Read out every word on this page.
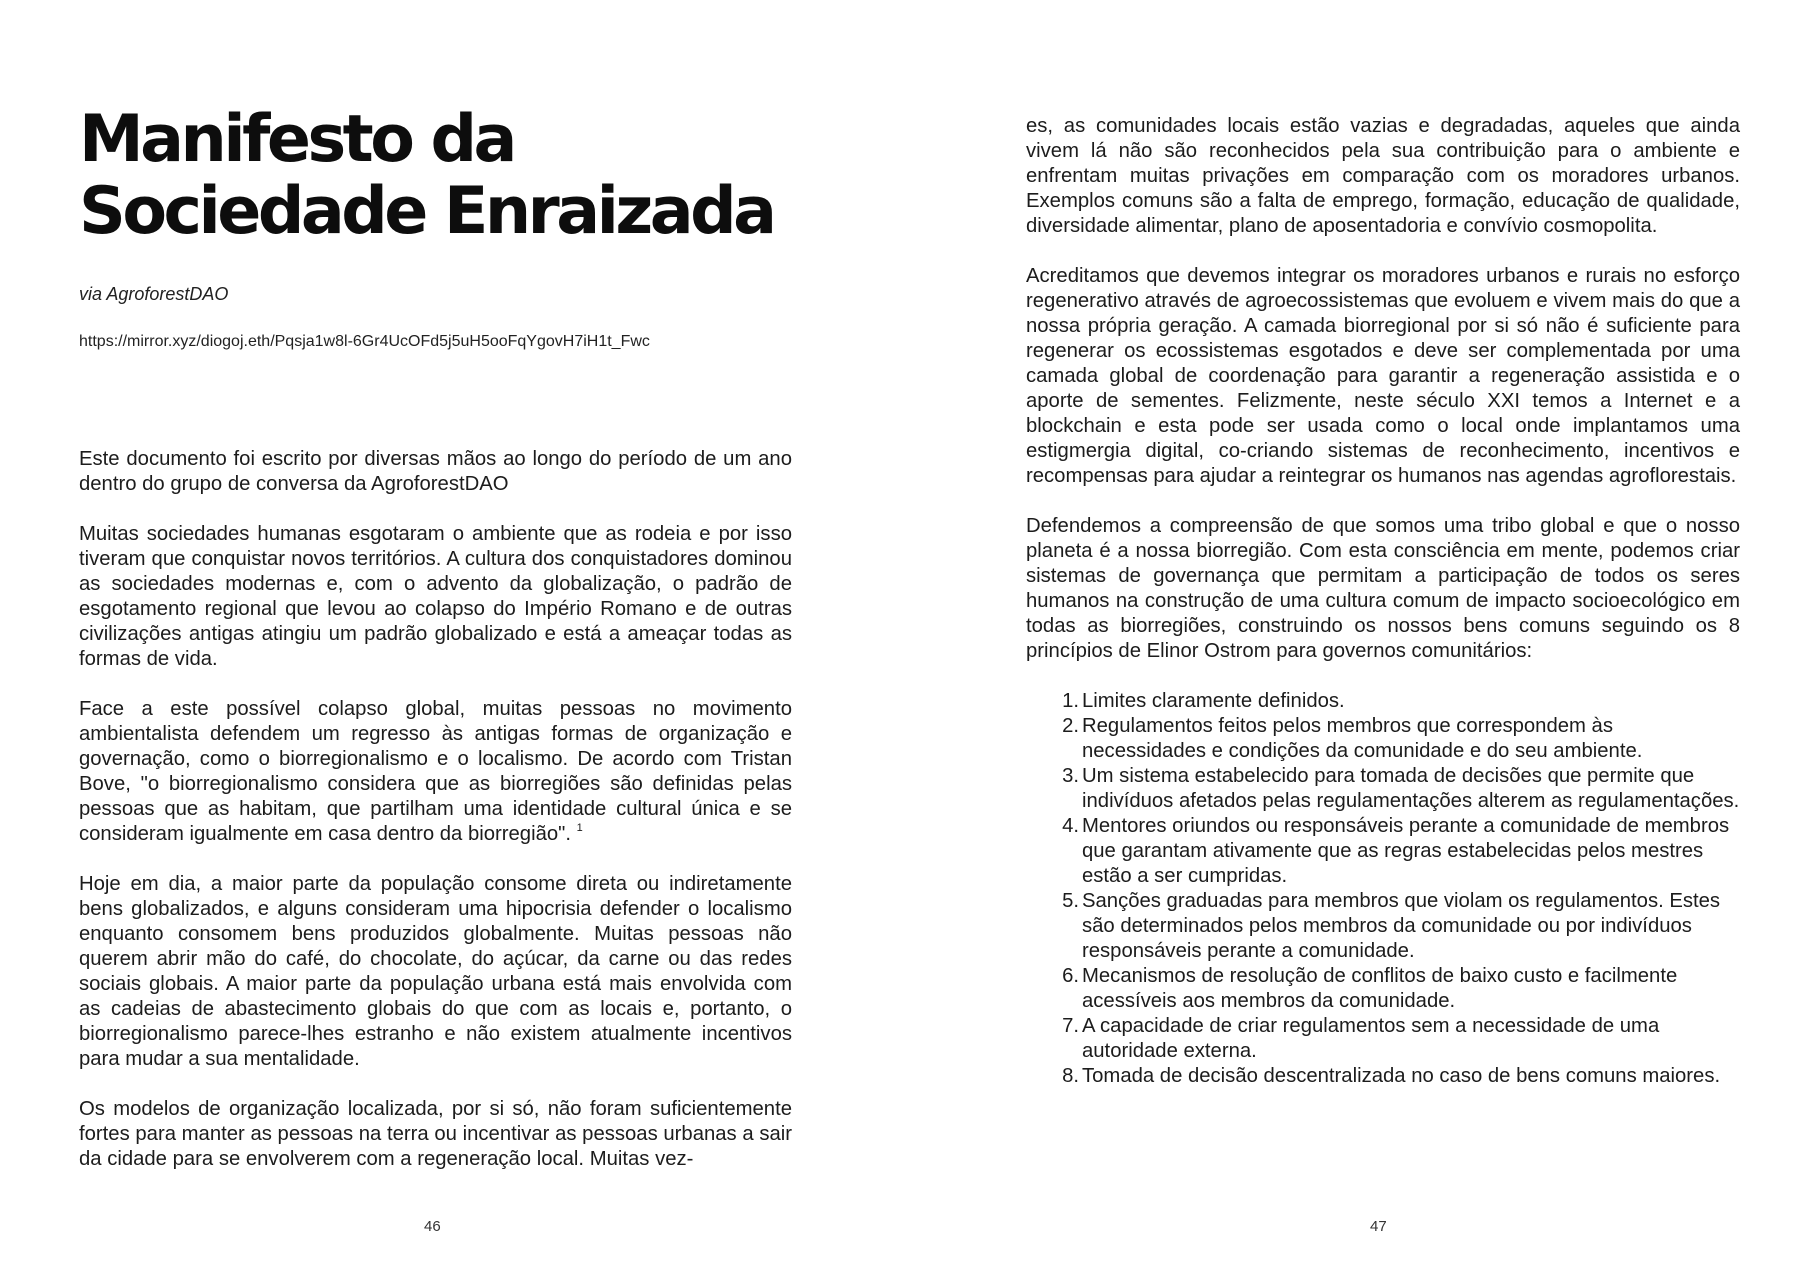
Manifesto da Sociedade Enraizada
via AgroforestDAO
https://mirror.xyz/diogoj.eth/Pqsja1w8l-6Gr4UcOFd5j5uH5ooFqYgovH7iH1t_Fwc

Este documento foi escrito por diversas mãos ao longo do período de um ano dentro do grupo de conversa da AgroforestDAO

Muitas sociedades humanas esgotaram o ambiente que as rodeia e por isso tiveram que conquistar novos territórios. A cultura dos conquistadores dominou as sociedades modernas e, com o advento da globalização, o padrão de esgotamento regional que levou ao colapso do Império Romano e de outras civilizações antigas atingiu um padrão globalizado e está a ameaçar todas as formas de vida.

Face a este possível colapso global, muitas pessoas no movimento ambientalista defendem um regresso às antigas formas de organização e governação, como o biorregionalismo e o localismo. De acordo com Tristan Bove, "o biorregionalismo considera que as biorregiões são definidas pelas pessoas que as habitam, que partilham uma identidade cultural única e se consideram igualmente em casa dentro da biorregião". $^1$

Hoje em dia, a maior parte da população consome direta ou indiretamente bens globalizados, e alguns consideram uma hipocrisia defender o localismo enquanto consomem bens produzidos globalmente. Muitas pessoas não querem abrir mão do café, do chocolate, do açúcar, da carne ou das redes sociais globais. A maior parte da população urbana está mais envolvida com as cadeias de abastecimento globais do que com as locais e, portanto, o biorregionalismo parece-lhes estranho e não existem atualmente incentivos para mudar a sua mentalidade.

Os modelos de organização localizada, por si só, não foram suficientemente fortes para manter as pessoas na terra ou incentivar as pessoas urbanas a sair da cidade para se envolverem com a regeneração local. Muitas vez-

46

es, as comunidades locais estão vazias e degradadas, aqueles que ainda vivem lá não são reconhecidos pela sua contribuição para o ambiente e enfrentam muitas privações em comparação com os moradores urbanos. Exemplos comuns são a falta de emprego, formação, educação de qualidade, diversidade alimentar, plano de aposentadoria e convívio cosmopolita.

Acreditamos que devemos integrar os moradores urbanos e rurais no esforço regenerativo através de agroecossistemas que evoluem e vivem mais do que a nossa própria geração. A camada biorregional por si só não é suficiente para regenerar os ecossistemas esgotados e deve ser complementada por uma camada global de coordenação para garantir a regeneração assistida e o aporte de sementes. Felizmente, neste século XXI temos a Internet e a blockchain e esta pode ser usada como o local onde implantamos uma estigmergia digital, co-criando sistemas de reconhecimento, incentivos e recompensas para ajudar a reintegrar os humanos nas agendas agroflorestais.

Defendemos a compreensão de que somos uma tribo global e que o nosso planeta é a nossa biorregião. Com esta consciência em mente, podemos criar sistemas de governança que permitam a participação de todos os seres humanos na construção de uma cultura comum de impacto socioecológico em todas as biorregiões, construindo os nossos bens comuns seguindo os 8 princípios de Elinor Ostrom para governos comunitários:

1. Limites claramente definidos.
2. Regulamentos feitos pelos membros que correspondem às necessidades e condições da comunidade e do seu ambiente.
3. Um sistema estabelecido para tomada de decisões que permite que indivíduos afetados pelas regulamentações alterem as regulamentações.
4. Mentores oriundos ou responsáveis perante a comunidade de membros que garantam ativamente que as regras estabelecidas pelos mestres estão a ser cumpridas.
5. Sanções graduadas para membros que violam os regulamentos. Estes são determinados pelos membros da comunidade ou por indivíduos responsáveis perante a comunidade.
6. Mecanismos de resolução de conflitos de baixo custo e facilmente acessíveis aos membros da comunidade.
7. A capacidade de criar regulamentos sem a necessidade de uma autoridade externa.
8. Tomada de decisão descentralizada no caso de bens comuns maiores.
47
